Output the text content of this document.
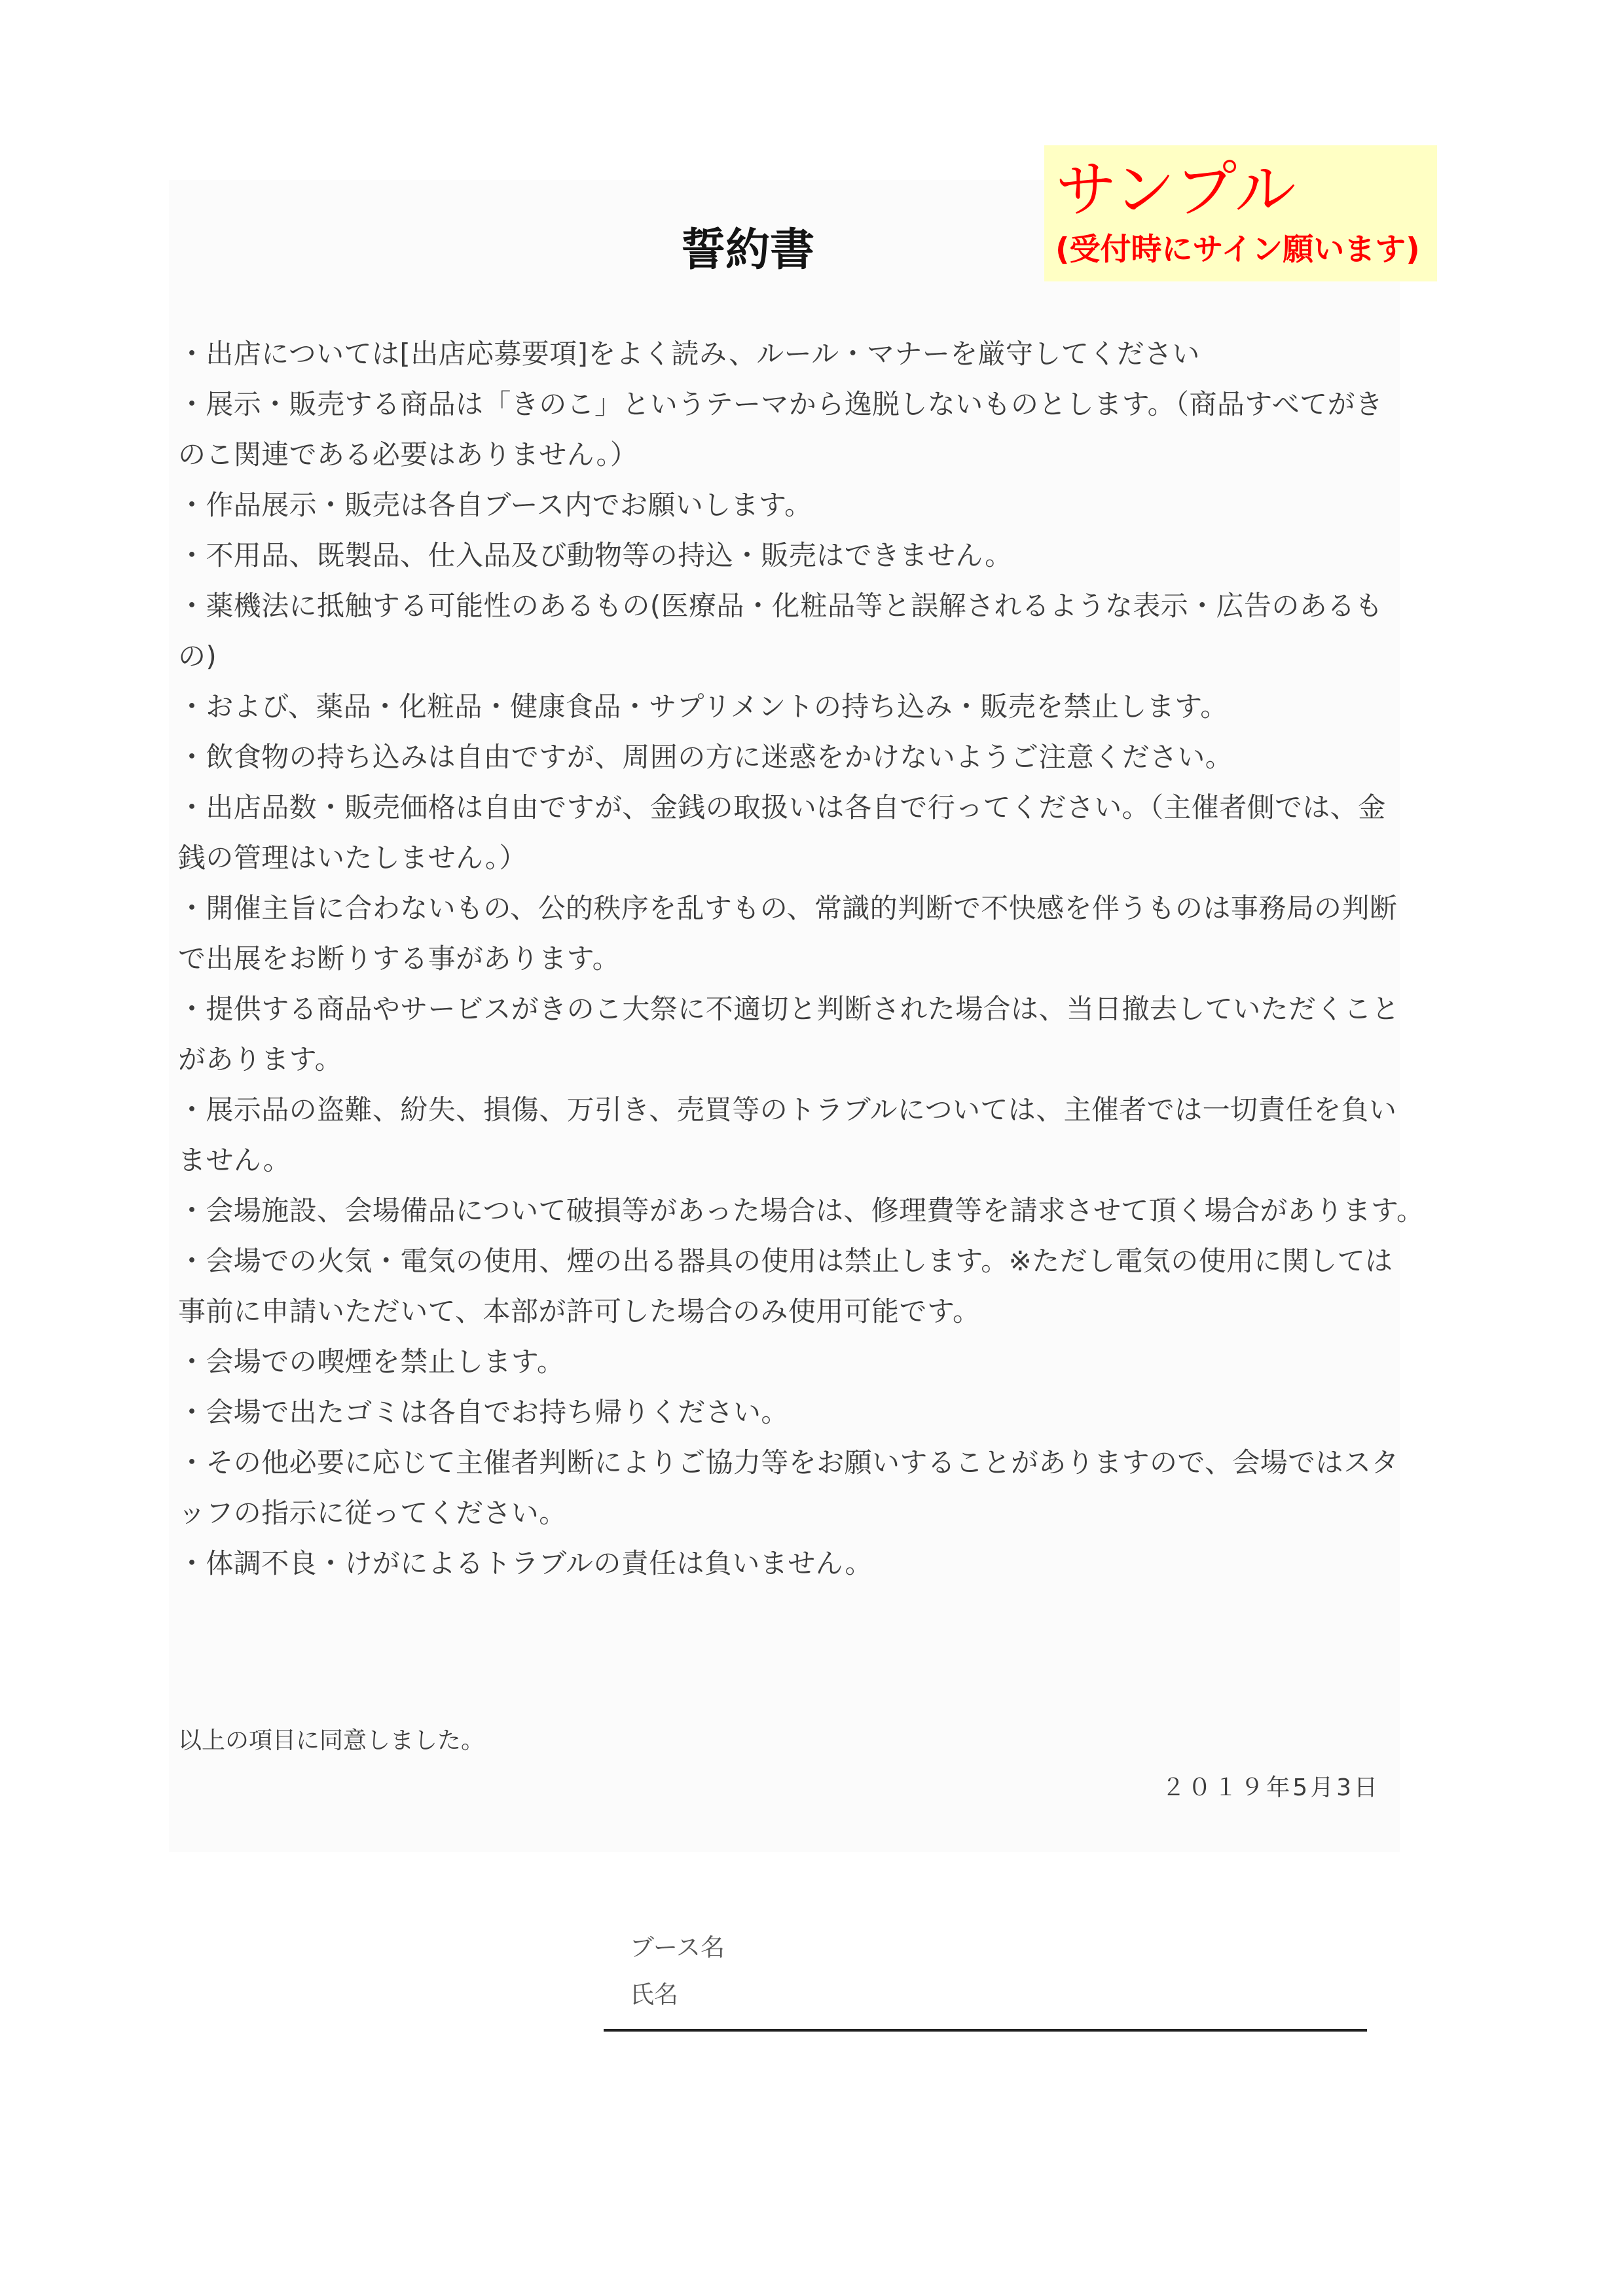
サンプル
(受付時にサイン願います)
誓約書
・出店については[出店応募要項]をよく読み、ルール・マナーを厳守してください
・展示・販売する商品は「きのこ」というテーマから逸脱しないものとします。（商品すべてがき
のこ関連である必要はありません。）
・作品展示・販売は各自ブース内でお願いします。
・不用品、既製品、仕入品及び動物等の持込・販売はできません。
・薬機法に抵触する可能性のあるもの(医療品・化粧品等と誤解されるような表示・広告のあるも
の)
・および、薬品・化粧品・健康食品・サプリメントの持ち込み・販売を禁止します。
・飲食物の持ち込みは自由ですが、周囲の方に迷惑をかけないようご注意ください。
・出店品数・販売価格は自由ですが、金銭の取扱いは各自で行ってください。（主催者側では、金
銭の管理はいたしません。）
・開催主旨に合わないもの、公的秩序を乱すもの、常識的判断で不快感を伴うものは事務局の判断
で出展をお断りする事があります。
・提供する商品やサービスがきのこ大祭に不適切と判断された場合は、当日撤去していただくこと
があります。
・展示品の盗難、紛失、損傷、万引き、売買等のトラブルについては、主催者では一切責任を負い
ません。
・会場施設、会場備品について破損等があった場合は、修理費等を請求させて頂く場合があります。
・会場での火気・電気の使用、煙の出る器具の使用は禁止します。※ただし電気の使用に関しては
事前に申請いただいて、本部が許可した場合のみ使用可能です。
・会場での喫煙を禁止します。
・会場で出たゴミは各自でお持ち帰りください。
・その他必要に応じて主催者判断によりご協力等をお願いすることがありますので、会場ではスタ
ッフの指示に従ってください。
・体調不良・けがによるトラブルの責任は負いません。
以上の項目に同意しました。
２０１９年5月3日
ブース名
氏名
